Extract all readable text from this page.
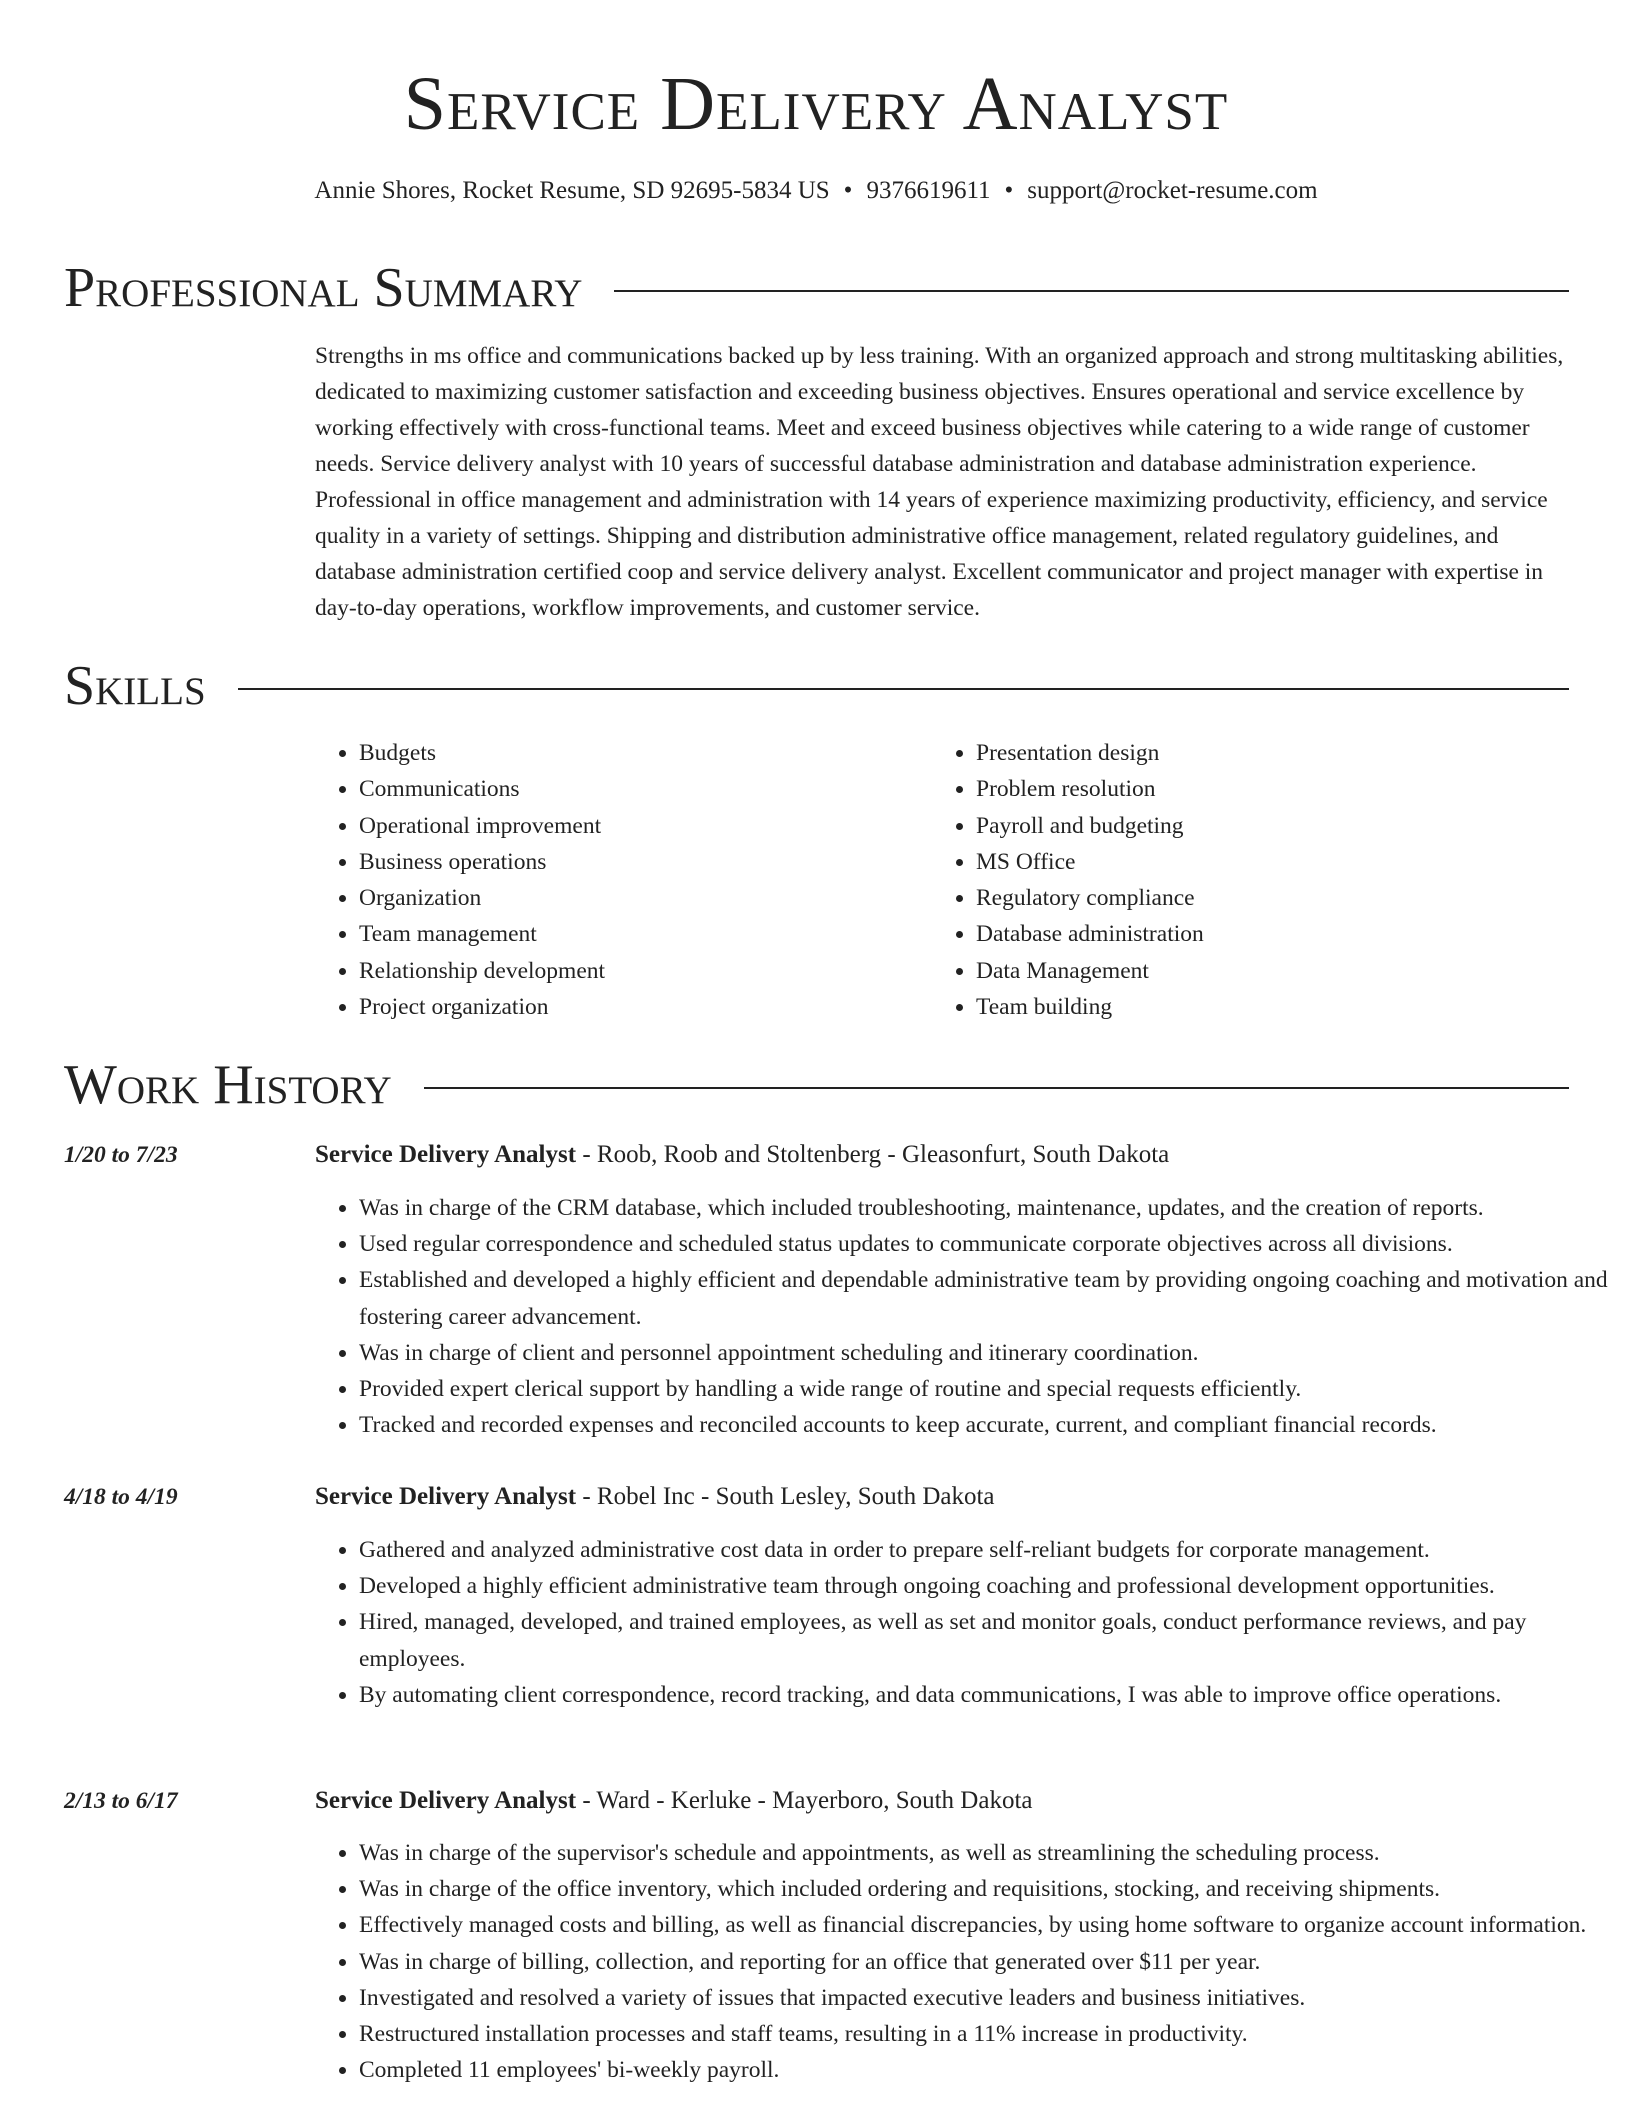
Service Delivery Analyst
Annie Shores, Rocket Resume, SD 92695-5834 US • 9376619611 • support@rocket-resume.com
Professional Summary

Strengths in ms office and communications backed up by less training. With an organized approach and strong multitasking abilities, dedicated to maximizing customer satisfaction and exceeding business objectives. Ensures operational and service excellence by working effectively with cross-functional teams. Meet and exceed business objectives while catering to a wide range of customer needs. Service delivery analyst with 10 years of successful database administration and database administration experience. Professional in office management and administration with 14 years of experience maximizing productivity, efficiency, and service quality in a variety of settings. Shipping and distribution administrative office management, related regulatory guidelines, and database administration certified coop and service delivery analyst. Excellent communicator and project manager with expertise in day-to-day operations, workflow improvements, and customer service.

Skills
• Budgets
• Communications
• Operational improvement
• Business operations
• Organization
• Team management
• Relationship development
• Project organization
• Presentation design
• Problem resolution
• Payroll and budgeting
• MS Office
• Regulatory compliance
• Database administration
• Data Management
• Team building
Work History
1/20 to 7/23	Service Delivery Analyst - Roob, Roob and Stoltenberg - Gleasonfurt, South Dakota
• Was in charge of the CRM database, which included troubleshooting, maintenance, updates, and the creation of reports.
• Used regular correspondence and scheduled status updates to communicate corporate objectives across all divisions.
• Established and developed a highly efficient and dependable administrative team by providing ongoing coaching and motivation and fostering career advancement.
• Was in charge of client and personnel appointment scheduling and itinerary coordination.
• Provided expert clerical support by handling a wide range of routine and special requests efficiently.
• Tracked and recorded expenses and reconciled accounts to keep accurate, current, and compliant financial records.
4/18 to 4/19	Service Delivery Analyst - Robel Inc - South Lesley, South Dakota
• Gathered and analyzed administrative cost data in order to prepare self-reliant budgets for corporate management.
• Developed a highly efficient administrative team through ongoing coaching and professional development opportunities.
• Hired, managed, developed, and trained employees, as well as set and monitor goals, conduct performance reviews, and pay employees.
• By automating client correspondence, record tracking, and data communications, I was able to improve office operations.
2/13 to 6/17	Service Delivery Analyst - Ward - Kerluke - Mayerboro, South Dakota
• Was in charge of the supervisor's schedule and appointments, as well as streamlining the scheduling process.
• Was in charge of the office inventory, which included ordering and requisitions, stocking, and receiving shipments.
• Effectively managed costs and billing, as well as financial discrepancies, by using home software to organize account information.
• Was in charge of billing, collection, and reporting for an office that generated over $11 per year.
• Investigated and resolved a variety of issues that impacted executive leaders and business initiatives.
• Restructured installation processes and staff teams, resulting in a 11% increase in productivity.
• Completed 11 employees' bi-weekly payroll.
